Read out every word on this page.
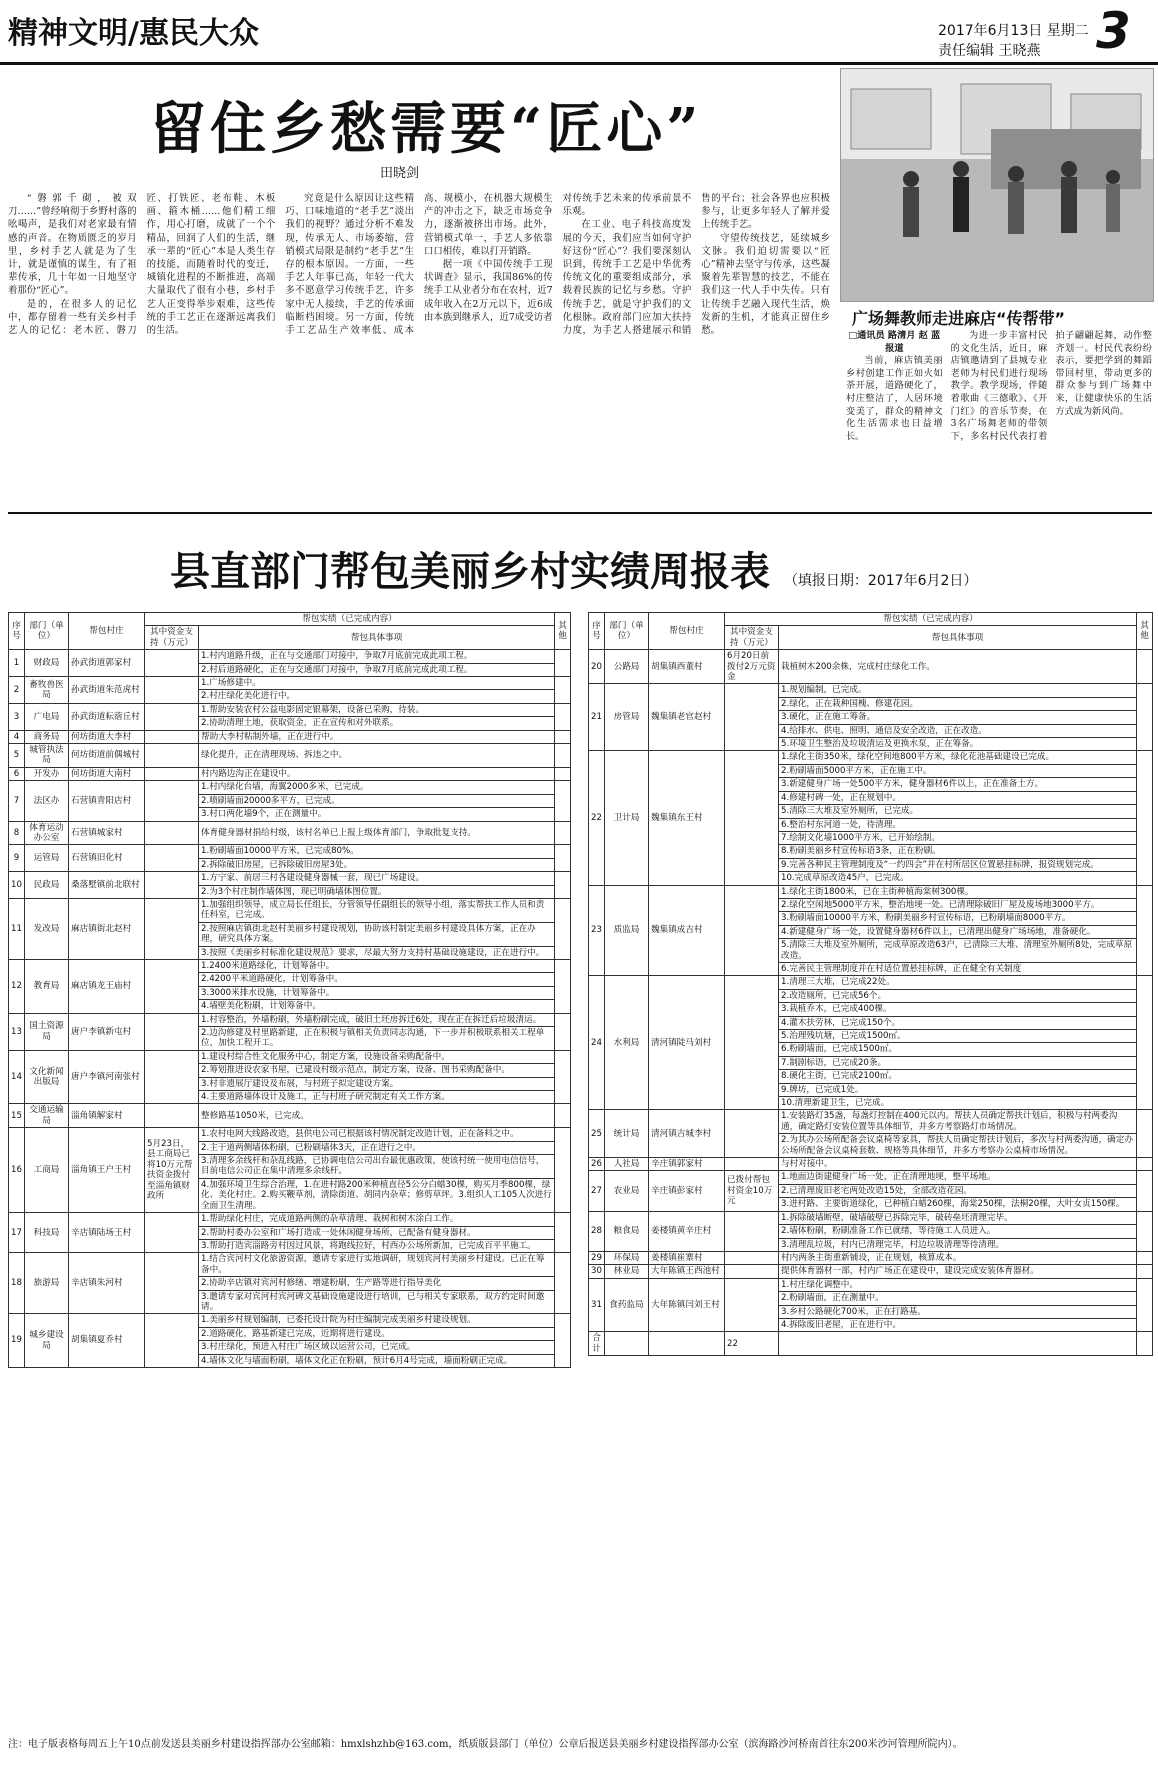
精神文明/惠民大众	2017年6月13日 星期二
责任编辑 王晓燕 3
留住乡愁需要“匠心”
田晓剑

“磐郭千砌，被双刀……”曾经响彻于乡野村落的吆喝声，是我们对老家最有情感的声音。在物质匮乏的岁月里，乡村手艺人就是为了生计，就是谨慎的谋生，有了祖辈传承，几十年如一日地坚守着那份“匠心”。

是的，在很多人的记忆中，都存留着一些有关乡村手艺人的记忆：老木匠、磐刀匠、打铁匠、老布鞋、木板画、箍木桶……他们精工细作，用心打磨，成就了一个个精品，回润了人们的生活，继承一辈的“匠心”本是人类生存的技能，而随着时代的变迁，城镇化进程的不断推进，高端大量取代了很有小巷，乡村手艺人正变得举步艰难，这些传统的手工艺正在逐渐远离我们的生活。

究竟是什么原因让这些精巧、口味地道的“老手艺”淡出我们的视野？通过分析不难发现，传承无人、市场萎缩，营销模式局限是制约“老手艺”生存的根本原因。一方面，一些手艺人年事已高，年轻一代大多不愿意学习传统手艺，许多家中无人接续，手艺的传承面临断档困境。另一方面，传统手工艺品生产效率低、成本高、规模小，在机器大规模生产的冲击之下，缺乏市场竞争力，逐渐被挤出市场。此外，营销模式单一，手艺人多依靠口口相传，难以打开销路。

据一项《中国传统手工现状调查》显示，我国86%的传统手工从业者分布在农村，近7成年收入在2万元以下，近6成由本族到继承人，近7成受访者对传统手艺未来的传承前景不乐观。

在工业、电子科技高度发展的今天，我们应当如何守护好这份“匠心”？我们要深刻认识到，传统手工艺是中华优秀传统文化的重要组成部分，承载着民族的记忆与乡愁。守护传统手艺，就是守护我们的文化根脉。政府部门应加大扶持力度，为手艺人搭建展示和销售的平台；社会各界也应积极参与，让更多年轻人了解并爱上传统手艺。

守望传统技艺，延续城乡文脉。我们迫切需要以“匠心”精神去坚守与传承，这些凝聚着先辈智慧的技艺，不能在我们这一代人手中失传。只有让传统手艺融入现代生活，焕发新的生机，才能真正留住乡愁。

广场舞教师走进麻店“传帮带”

□通讯员 路清月 赵 蓝 报道

当前，麻店镇美丽乡村创建工作正如火如荼开展，道路硬化了，村庄整洁了，人居环境变美了，群众的精神文化生活需求也日益增长。

为进一步丰富村民的文化生活，近日，麻店镇邀请到了县城专业老师为村民们进行现场教学。教学现场，伴随着歌曲《三德歌》、《开门红》的音乐节奏，在3名广场舞老师的带领下，多名村民代表打着拍子翩翩起舞，动作整齐划一。村民代表纷纷表示，要把学到的舞蹈带回村里，带动更多的群众参与到广场舞中来，让健康快乐的生活方式成为新风尚。

县直部门帮包美丽乡村实绩周报表 （填报日期：2017年6月2日）
序号	部门（单位）	帮包村庄	帮包实绩（已完成内容）		其他
			其中资金支持（万元）	帮包具体事项	
1	财政局	孙武街道郭家村		1.村内道路升级，正在与交通部门对接中，争取7月底前完成此项工程。	
				2.村后道路硬化，正在与交通部门对接中，争取7月底前完成此项工程。	
2	畜牧兽医局	孙武街道朱范虎村		1.广场修建中。	
				2.村庄绿化美化进行中。	
3	广电局	孙武街道耘蓿丘村		1.帮助安装农村公益电影固定银幕架，设备已采购，待装。	
				2.协助清理土地，获取资金，正在宣传和对外联系。	
4	商务局	何坊街道大李村		帮助大李村粘制外墙，正在进行中。	
5	城管执法局	何坊街道前偶城村		绿化提升，正在清理现场、拆违之中。	
6	开发办	何坊街道大南村		村内路边沟正在建设中。	
7	法区办	石营镇青阳店村		1.村内绿化台墙，海翼2000多米，已完成。	
				2.喷刷墙面20000多平方，已完成。	
				3.村口两化墙9个，正在测量中。	
8	体育运动办公室	石营镇城家村		体育健身器材捐给村级，该村名单已上报上级体育部门，争取批复支持。	
9	运管局	石营镇旧化村		1.粉刷墙面10000平方米，已完成80%。	
				2.拆除破旧房屋，已拆除破旧房屋3处。	
10	民政局	桑落墅镇前北联村		1.方宁家、前居三村各建设健身器械一套，现已广场建设。	
				2.为3个村庄制作墙体图，现已明确墙体图位置。	
11	发改局	麻店镇街北赵村		1.加强组织领导，成立局长任组长，分管领导任副组长的领导小组，落实帮扶工作人员和责任科室，已完成。	
				2.按照麻店镇街北赵村美丽乡村建设规划，协助该村制定美丽乡村建设具体方案，正在办理，研究具体方案。	
				3.按照《美丽乡村标准化建设规范》要求，尽最大努力支持村基础设施建设，正在进行中。	
12	教育局	麻店镇龙王庙村		1.2400米道路绿化，计划筹备中。	
				2.4200平米道路硬化，计划筹备中。	
				3.3000米排水设施，计划筹备中。	
				4.墙壁美化粉刷，计划筹备中。	
13	国土资源局	唐户李镇新屯村		1.村容整治，外墙粉刷，外墙粉刷完成，破旧土坯房拆迁6处，现在正在拆迁后垃圾清运。	
				2.边沟修建及村里路新建，正在积极与镇相关负责同志沟通，下一步并积极联系相关工程单位，加快工程开工。	
14	文化新闻出版局	唐户李镇河南张村		1.建设村综合性文化服务中心，制定方案，设施设备采购配备中。	
				2.筹划推进设农家书屋，已建设村级示范点，制定方案，设备、图书采购配备中。	
				3.村非遗展厅建设及布展，与村班子拟定建设方案。	
				4.主要道路墙体设计及施工，正与村班子研究制定有关工作方案。	
15	交通运输局	淄角镇解家村		整修路基1050米，已完成。	
16	工商局	淄角镇王户王村	5月23日，县工商局已将10万元帮扶资金拨付至淄角镇财政所	1.农村电网大线路改造，县供电公司已根据该村情况制定改造计划，正在备料之中。	
				2.主干道两侧墙体粉刷，已粉刷墙体3天，正在进行之中。	
				3.清理多余线杆和杂乱线路，已协调电信公司出台最优惠政策，使该村统一使用电信信号，目前电信公司正在集中清理多余线杆。	
				4.加强环境卫生综合治理，1.在进村路200米种植直径5公分白蜡30棵，购买月季800棵，绿化、美化村庄。2.购买鞭草剂，清除街道、胡同内杂草；修剪草坪。3.组织人工105人次进行全面卫生清理。	
17	科技局	辛店镇陆场王村		1.帮助绿化村庄，完成道路两侧的杂草清理、栽树和树木涂白工作。	
				2.帮助村委办公室和广场打造成一处休闲健身场所，已配备有健身器材。	
				3.帮助打造宾淄路旁村因过风景，将跑线拉好，村西办公场所新加，已完成百平平施工。	
18	旅游局	辛店镇朱河村		1.结合宾河村文化旅游资源，邀请专家进行实地调研，规划宾河村美丽乡村建设。已正在筹备中。	
				2.协助辛店镇对宾河村修缮、增建粉刷，生产路等进行指导美化	
				3.邀请专家对宾河村宾河碑文基础设施建设进行培训，已与相关专家联系，双方约定时间邀请。	
19	城乡建设局	胡集镇夏乔村		1.美丽乡村规划编制，已委托设计院为村庄编制完成美丽乡村建设规划。	
				2.道路硬化，路基新建已完成，近期将进行建设。	
				3.村庄绿化，预进入村庄广场区域以运营公司，已完成。	
				4.墙体文化与墙面粉刷，墙体文化正在粉刷，预计6月4号完成，墙面粉刷正完成。	
序号	部门（单位）	帮包村庄	帮包实绩（已完成内容）		其他
			其中资金支持（万元）	帮包具体事项	
20	公路局	胡集镇西董村	6月20日前拨付2万元资金	栽植树木200余株，完成村庄绿化工作。	
21	房管局	魏集镇老官赵村		1.规划编制，已完成。	
				2.绿化，正在栽种国槐、修建花园。	
				3.硬化，正在施工筹备。	
				4.给排水、供电、照明、通信及安全改造，正在改造。	
				5.环境卫生整治及垃圾清运及更换水泵，正在筹备。	
22	卫计局	魏集镇东王村		1.绿化主街350米，绿化空间地800平方米，绿化花池基础建设已完成。	
				2.粉刷墙面5000平方米，正在施工中。	
				3.新建健身广场一处500平方米，健身器材6件以上，正在准备土方。	
				4.修建村碑一处，正在规划中。	
				5.清除三大堆及室外厕所，已完成。	
				6.整治村东河道一处，待清理。	
				7.绘制文化墙1000平方米，已开始绘制。	
				8.粉刷美丽乡村宣传标语3条，正在粉刷。	
				9.完善各种民主管理制度及“一约四会”并在村所居区位置悬挂标牌，报资规划完成。	
				10.完成草原改造45户，已完成。	
23	质监局	魏集镇成吉村		1.绿化主街1800米，已在主街种植海棠树300棵。	
				2.绿化空闲地5000平方米，整治地埂一处。已清理除破旧厂屋及废场地3000平方。	
				3.粉刷墙面10000平方米，粉刷美丽乡村宣传标语，已粉刷墙面8000平方。	
				4.新建健身广场一处，设置健身器材6件以上，已清理出健身广场场地，准备硬化。	
				5.清除三大堆及室外厕所，完成草原改造63户，已清除三大堆、清理室外厕所8处，完成草原改造。	
				6.完善民主管理制度并在村适位置悬挂标牌，正在健全有关制度	
24	水利局	清河镇陡马刘村		1.清理三大堆，已完成22处。	
				2.改造厕所，已完成56个。	
				3.栽植乔木，已完成400棵。	
				4.灌木扶劳林，已完成150个。	
				5.治理残坑塘，已完成1500㎡。	
				6.粉刷墙面，已完成1500㎡。	
				7.制剧标语，已完成20条。	
				8.硬化主街，已完成2100㎡。	
				9.牌坊，已完成1处。	
				10.清理新建卫生，已完成。	
25	统计局	清河镇吉城李村		1.安装路灯35盏，每盏灯控制在400元以内。帮扶人员确定帮扶计划后，积极与村两委沟通，确定路灯安装位置等具体细节，并多方考察路灯市场情况。	
				2.为其办公场所配备会议桌椅等家具，帮扶人员确定帮扶计划后，多次与村两委沟通，确定办公场所配备会议桌椅套数、规格等具体细节，并多方考察办公桌椅市场情况。	
26	人社局	辛庄镇郭家村		与村对接中。	
27	农业局	辛庄镇彭家村	已拨付帮包村资金10万元	1.地面边街建健身广场一处，正在清理地埂，整平场地。	
				2.已清理废旧老宅两处改造15处，全部改造花园。	
				3.进村路、主要街道绿化，已种植白蜡260棵，海棠250棵，法桐20棵，大叶女贞150棵。	
28	粮食局	姜楼镇黄辛庄村		1.拆除破墙断壁，破墙破壁已拆除完毕，破砖垒坯清理完毕。	
				2.墙体粉刷，粉刷准备工作已就绪，等待施工人员进入。	
				3.清理乱垃圾，村内已清理完毕，村边垃圾清理等待清理。	
29	环保局	姜楼镇崔寨村		村内两条主街重新铺设，正在规划，核算成本。	
30	林业局	大年陈镇王西池村		提供体育器材一部，村内广场正在建设中，建设完成安装体育器材。	
31	食药监局	大年陈镇闫刘王村		1.村庄绿化调整中。	
				2.粉刷墙面，正在测量中。	
				3.乡村公路硬化700米，正在打路基。	
				4.拆除废旧老屋，正在进行中。	
合计			22		
注：电子版表格每周五上午10点前发送县美丽乡村建设指挥部办公室邮箱：hmxlshzhb@163.com，纸质版县部门（单位）公章后报送县美丽乡村建设指挥部办公室（滨海路沙河桥南首往东200米沙河管理所院内）。
